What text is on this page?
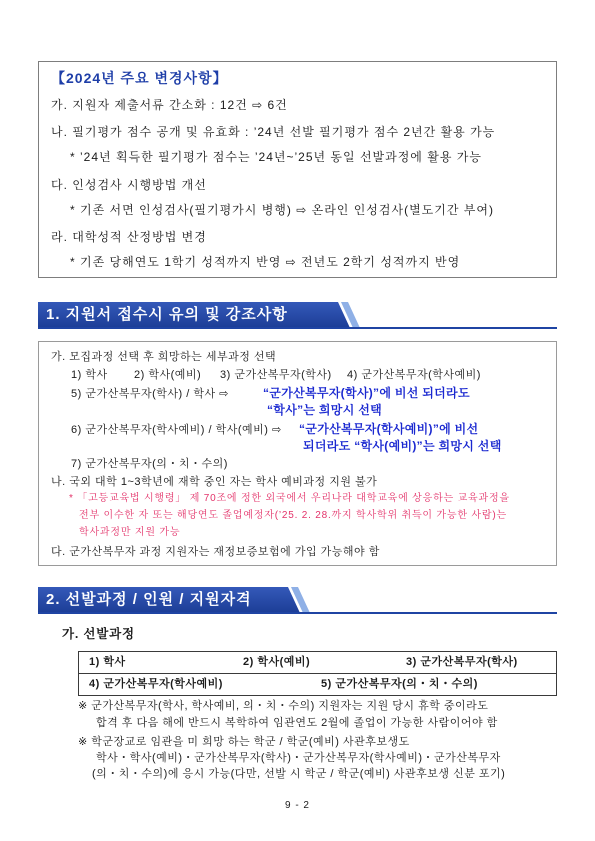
【2024년 주요 변경사항】
가. 지원자 제출서류 간소화 : 12건 ⇨ 6건
나. 필기평가 점수 공개 및 유효화 : ’24년 선발 필기평가 점수 2년간 활용 가능
* ’24년 획득한 필기평가 점수는 ’24년~’25년 동일 선발과정에 활용 가능
다. 인성검사 시행방법 개선
* 기존 서면 인성검사(필기평가시 병행) ⇨ 온라인 인성검사(별도기간 부여)
라. 대학성적 산정방법 변경
* 기존 당해연도 1학기 성적까지 반영 ⇨ 전년도 2학기 성적까지 반영
1. 지원서 접수시 유의 및 강조사항
가. 모집과정 선택 후 희망하는 세부과정 선택
1) 학사 2) 학사(예비) 3) 군가산복무자(학사) 4) 군가산복무자(학사예비)
5) 군가산복무자(학사) / 학사 ⇨	“군가산복무자(학사)”에 비선 되더라도
“학사”는 희망시 선택
6) 군가산복무자(학사예비) / 학사(예비) ⇨ “군가산복무자(학사예비)”에 비선
되더라도 “학사(예비)”는 희망시 선택
7) 군가산복무자(의・치・수의)
나. 국외 대학 1~3학년에 재학 중인 자는 학사 예비과정 지원 불가
* 「고등교육법 시행령」 제 70조에 정한 외국에서 우리나라 대학교육에 상응하는 교육과정을
전부 이수한 자 또는 해당연도 졸업예정자(’25. 2. 28.까지 학사학위 취득이 가능한 사람)는
학사과정만 지원 가능
다. 군가산복무자 과정 지원자는 재정보증보험에 가입 가능해야 함
2. 선발과정 / 인원 / 지원자격
가. 선발과정
1) 학사	2) 학사(예비)	3) 군가산복무자(학사)
4) 군가산복무자(학사예비)	5) 군가산복무자(의・치・수의)
※ 군가산복무자(학사, 학사예비, 의・치・수의) 지원자는 지원 당시 휴학 중이라도
합격 후 다음 해에 반드시 복학하여 임관연도 2월에 졸업이 가능한 사람이어야 함
※ 학군장교로 임관을 미 희망 하는 학군 / 학군(예비) 사관후보생도
학사・학사(예비)・군가산복무자(학사)・군가산복무자(학사예비)・군가산복무자
(의・치・수의)에 응시 가능(다만, 선발 시 학군 / 학군(예비) 사관후보생 신분 포기)
9 - 2
